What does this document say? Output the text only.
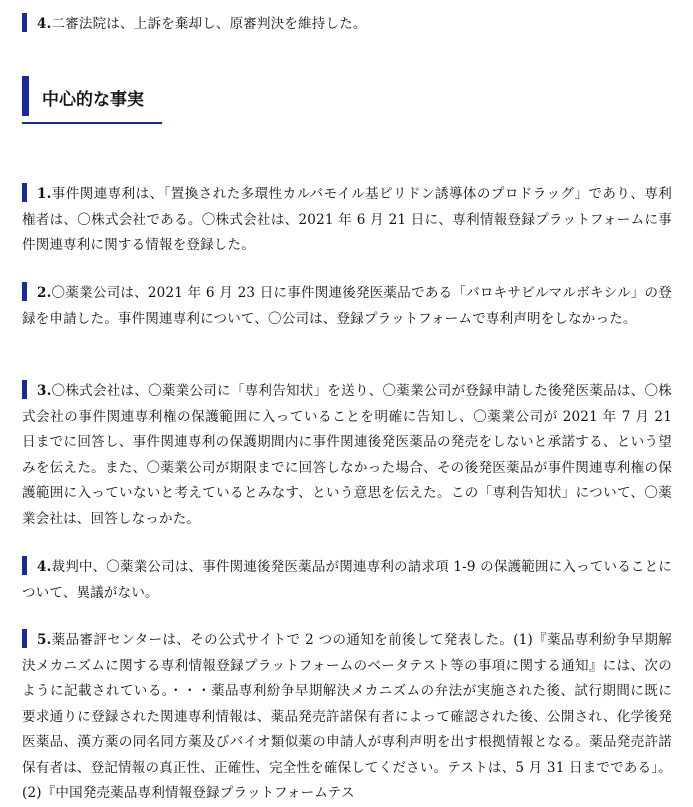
4.二審法院は、上訴を棄却し、原審判決を維持した。

中心的な事実

1.事件関連専利は、「置換された多環性カルバモイル基ピリドン誘導体のプロドラッグ」であり、専利権者は、〇株式会社である。〇株式会社は、2021 年 6 月 21 日に、専利情報登録プラットフォームに事件関連専利に関する情報を登録した。

2.〇薬業公司は、2021 年 6 月 23 日に事件関連後発医薬品である「バロキサビルマルボキシル」の登録を申請した。事件関連専利について、〇公司は、登録プラットフォームで専利声明をしなかった。

3.〇株式会社は、〇薬業公司に「専利告知状」を送り、〇薬業公司が登録申請した後発医薬品は、〇株式会社の事件関連専利権の保護範囲に入っていることを明確に告知し、〇薬業公司が 2021 年 7 月 21 日までに回答し、事件関連専利の保護期間内に事件関連後発医薬品の発売をしないと承諾する、という望みを伝えた。また、〇薬業公司が期限までに回答しなかった場合、その後発医薬品が事件関連専利権の保護範囲に入っていないと考えているとみなす、という意思を伝えた。この「専利告知状」について、〇薬業会社は、回答しなっかた。

4.裁判中、〇薬業公司は、事件関連後発医薬品が関連専利の請求項 1-9 の保護範囲に入っていることについて、異議がない。

5.薬品審評センターは、その公式サイトで 2 つの通知を前後して発表した。(1)『薬品専利紛争早期解決メカニズムに関する専利情報登録プラットフォームのベータテスト等の事項に関する通知』には、次のように記載されている。・・・薬品専利紛争早期解決メカニズムの弁法が実施された後、試行期間に既に要求通りに登録された関連専利情報は、薬品発売許諾保有者によって確認された後、公開され、化学後発医薬品、漢方薬の同名同方薬及びバイオ類似薬の申請人が専利声明を出す根拠情報となる。薬品発売許諾保有者は、登記情報の真正性、正確性、完全性を確保してください。テストは、5 月 31 日までである」。(2)『中国発売薬品専利情報登録プラットフォームテス
